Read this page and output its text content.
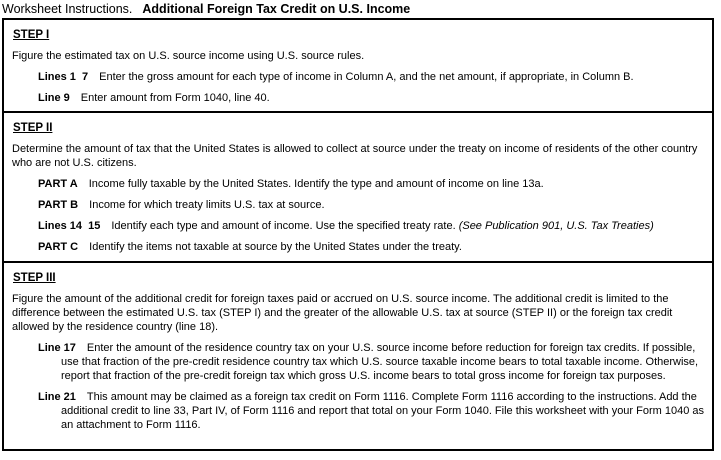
Worksheet Instructions. Additional Foreign Tax Credit on U.S. Income
STEP I

Figure the estimated tax on U.S. source income using U.S. source rules.

Lines 1  7 Enter the gross amount for each type of income in Column A, and the net amount, if appropriate, in Column B.
Line 9 Enter amount from Form 1040, line 40.
STEP II

Determine the amount of tax that the United States is allowed to collect at source under the treaty on income of residents of the other country who are not U.S. citizens.

PART A Income fully taxable by the United States. Identify the type and amount of income on line 13a.
PART B Income for which treaty limits U.S. tax at source.
Lines 14  15 Identify each type and amount of income. Use the specified treaty rate. (See Publication 901, U.S. Tax Treaties)
PART C Identify the items not taxable at source by the United States under the treaty.
STEP III

Figure the amount of the additional credit for foreign taxes paid or accrued on U.S. source income. The additional credit is limited to the difference between the estimated U.S. tax (STEP I) and the greater of the allowable U.S. tax at source (STEP II) or the foreign tax credit allowed by the residence country (line 18).

Line 17 Enter the amount of the residence country tax on your U.S. source income before reduction for foreign tax credits. If possible, use that fraction of the pre-credit residence country tax which U.S. source taxable income bears to total taxable income. Otherwise, report that fraction of the pre-credit foreign tax which gross U.S. income bears to total gross income for foreign tax purposes.
Line 21 This amount may be claimed as a foreign tax credit on Form 1116. Complete Form 1116 according to the instructions. Add the additional credit to line 33, Part IV, of Form 1116 and report that total on your Form 1040. File this worksheet with your Form 1040 as an attachment to Form 1116.
